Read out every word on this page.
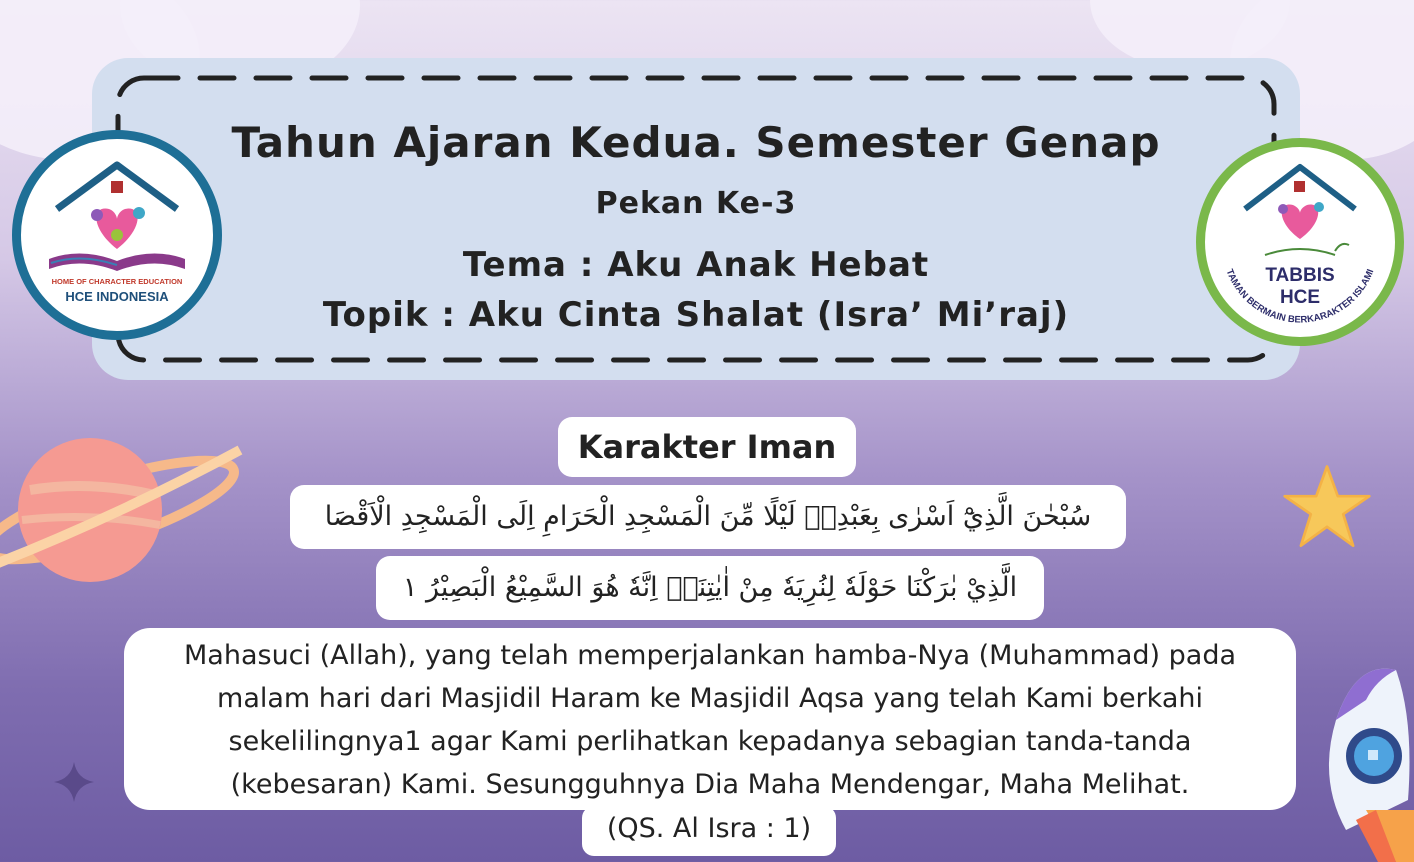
Tahun Ajaran Kedua. Semester Genap
Pekan Ke-3
Tema : Aku Anak Hebat
Topik : Aku Cinta Shalat (Isra’ Mi’raj)
HOME OF CHARACTER EDUCATION
HCE INDONESIA
TABBIS
HCE
TAMAN BERMAIN BERKARAKTER ISLAMI
Karakter Iman
سُبْحٰنَ الَّذِيْٓ اَسْرٰى بِعَبْدِهٖ لَيْلًا مِّنَ الْمَسْجِدِ الْحَرَامِ اِلَى الْمَسْجِدِ الْاَقْصَا
الَّذِيْ بٰرَكْنَا حَوْلَهٗ لِنُرِيَهٗ مِنْ اٰيٰتِنَاۗ اِنَّهٗ هُوَ السَّمِيْعُ الْبَصِيْرُ ١
Mahasuci (Allah), yang telah memperjalankan hamba-Nya (Muhammad) pada
malam hari dari Masjidil Haram ke Masjidil Aqsa yang telah Kami berkahi
sekelilingnya1 agar Kami perlihatkan kepadanya sebagian tanda-tanda
(kebesaran) Kami. Sesungguhnya Dia Maha Mendengar, Maha Melihat.
(QS. Al Isra : 1)
